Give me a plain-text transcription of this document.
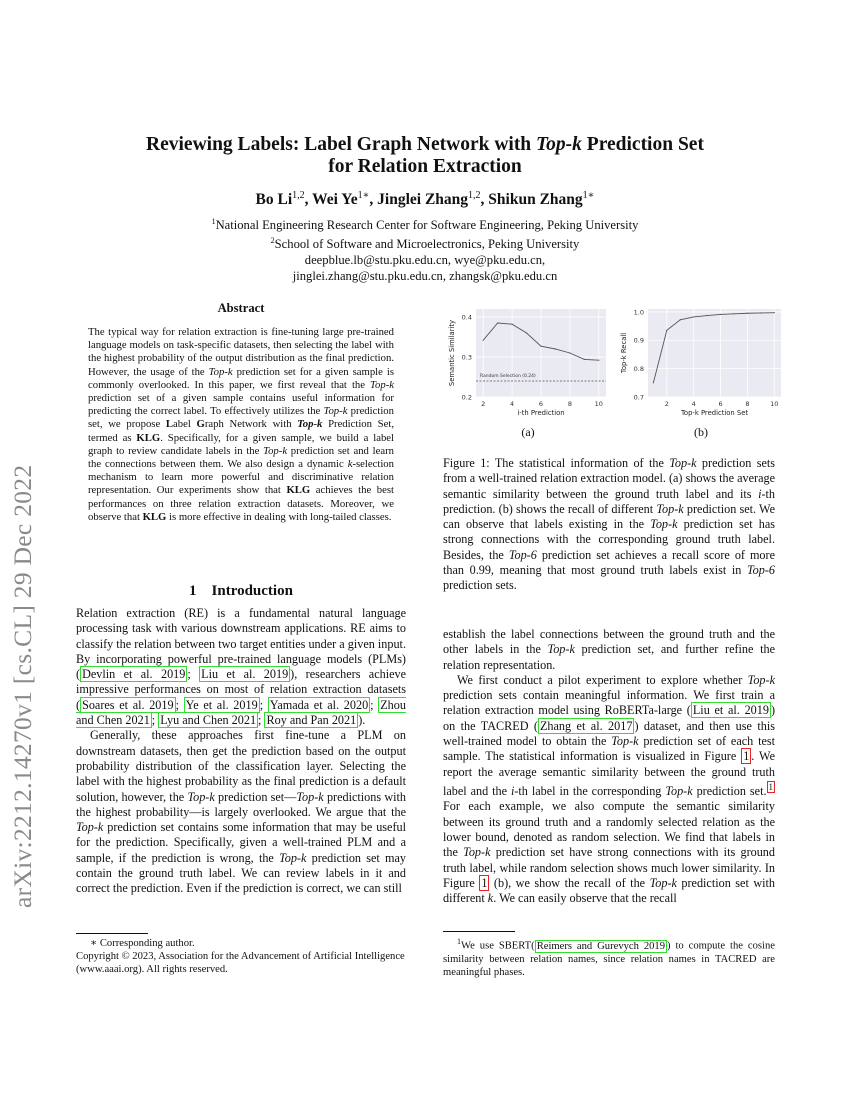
Reviewing Labels: Label Graph Network with Top-k Prediction Set
for Relation Extraction
Bo Li$^{1,2}$, Wei $Ye^{1∗}$, Jinglei Zhang$^{1,2}$, Shikun Zhang$^{1∗}$
$^1$National Engineering Research Center for Software Engineering, Peking University
$^2$School of Software and Microelectronics, Peking University
deepblue.lb@stu.pku.edu.cn, wye@pku.edu.cn,
jinglei.zhang@stu.pku.edu.cn, zhangsk@pku.edu.cn
arXiv:2212.14270v1 [cs.CL] 29 Dec 2022
Abstract
The typical way for relation extraction is fine-tuning large pre-trained language models on task-specific datasets, then selecting the label with the highest probability of the output distribution as the final prediction. However, the usage of the Top-k prediction set for a given sample is commonly overlooked. In this paper, we first reveal that the Top-k prediction set of a given sample contains useful information for predicting the correct label. To effectively utilizes the Top-k prediction set, we propose Label Graph Network with Top-k Prediction Set, termed as KLG. Specifically, for a given sample, we build a label graph to review candidate labels in the Top-k prediction set and learn the connections between them. We also design a dynamic k-selection mechanism to learn more powerful and discriminative relation representation. Our experiments show that KLG achieves the best performances on three relation extraction datasets. Moreover, we observe that KLG is more effective in dealing with long-tailed classes.
1    Introduction

Relation extraction (RE) is a fundamental natural language processing task with various downstream applications. RE aims to classify the relation between two target entities under a given input. By incorporating powerful pre-trained language models (PLMs) ( Devlin et al. 2019 ; Liu et al. 2019 ), researchers achieve impressive performances on most of relation extraction datasets ( Soares et al. 2019 ; Ye et al. 2019 ; Yamada et al. 2020 ; Zhou and Chen 2021 ; Lyu and Chen 2021 ; Roy and Pan 2021 ).

Generally, these approaches first fine-tune a PLM on downstream datasets, then get the prediction based on the output probability distribution of the classification layer. Selecting the label with the highest probability as the final prediction is a default solution, however, the Top-k prediction set—Top-k predictions with the highest probability—is largely overlooked. We argue that the Top-k prediction set contains some information that may be useful for the prediction. Specifically, given a well-trained PLM and a sample, if the prediction is wrong, the Top-k prediction set may contain the ground truth label. We can review labels in it and correct the prediction. Even if the prediction is correct, we can still

∗ Corresponding author.
Copyright © 2023, Association for the Advancement of Artificial Intelligence (www.aaai.org). All rights reserved.
2	4	6	8	10
0.2
0.3
0.4
Random Selection (0.24)
i-th Prediction
Semantic Similarity
2	4	6	8	10
0.7
0.8
0.9
1.0
Top-k Prediction Set
Top-k Recall
(a)	(b)
Figure 1: The statistical information of the Top-k prediction sets from a well-trained relation extraction model. (a) shows the average semantic similarity between the ground truth label and its i-th prediction. (b) shows the recall of different Top-k prediction set. We can observe that labels existing in the Top-k prediction set has strong connections with the corresponding ground truth label. Besides, the Top-6 prediction set achieves a recall score of more than 0.99, meaning that most ground truth labels exist in Top-6 prediction sets.

establish the label connections between the ground truth and the other labels in the Top-k prediction set, and further refine the relation representation.

We first conduct a pilot experiment to explore whether Top-k prediction sets contain meaningful information. We first train a relation extraction model using RoBERTa-large ( Liu et al. 2019 ) on the TACRED ( Zhang et al. 2017 ) dataset, and then use this well-trained model to obtain the Top-k prediction set of each test sample. The statistical information is visualized in Figure 1 . We report the average semantic similarity between the ground truth label and the i-th label in the corresponding Top-k prediction set. $^1$ For each example, we also compute the semantic similarity between its ground truth and a randomly selected relation as the lower bound, denoted as random selection. We find that labels in the Top-k prediction set have strong connections with its ground truth label, while random selection shows much lower similarity. In Figure 1 (b), we show the recall of the Top-k prediction set with different k. We can easily observe that the recall

$^1$We use SBERT( Reimers and Gurevych 2019 ) to compute the cosine similarity between relation names, since relation names in TACRED are meaningful phases.
